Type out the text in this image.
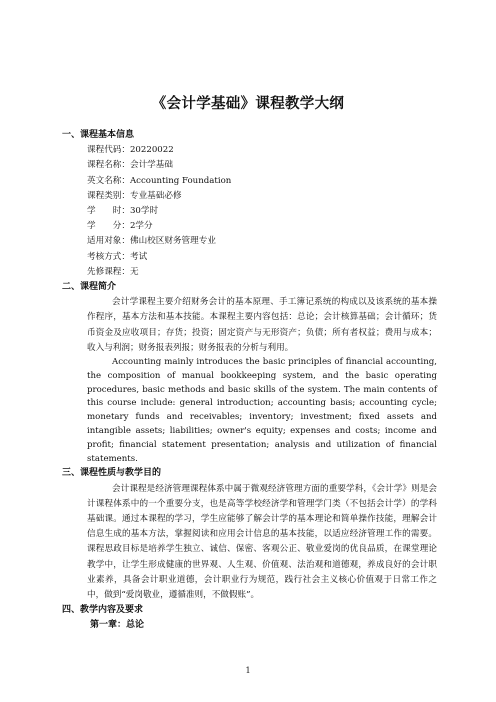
《会计学基础》课程教学大纲

一、课程基本信息

课程代码：20220022
课程名称：会计学基础
英文名称：Accounting Foundation
课程类别：专业基础必修
学　　时：30学时
学　　分：2学分
适用对象：佛山校区财务管理专业
考核方式：考试
先修课程：无

二、课程简介

会计学课程主要介绍财务会计的基本原理、手工簿记系统的构成以及该系统的基本操作程序，基本方法和基本技能。本课程主要内容包括：总论；会计核算基础；会计循环；货币资金及应收项目；存货；投资；固定资产与无形资产；负债；所有者权益；费用与成本；收入与利润；财务报表列报；财务报表的分析与利用。

Accounting mainly introduces the basic principles of financial accounting, the composition of manual bookkeeping system, and the basic operating procedures, basic methods and basic skills of the system. The main contents of this course include: general introduction; accounting basis; accounting cycle; monetary funds and receivables; inventory; investment; fixed assets and intangible assets; liabilities; owner's equity; expenses and costs; income and profit; financial statement presentation; analysis and utilization of financial statements.

三、课程性质与教学目的

会计课程是经济管理课程体系中属于微观经济管理方面的重要学科，《会计学》则是会计课程体系中的一个重要分支，也是高等学校经济学和管理学门类（不包括会计学）的学科基础课。通过本课程的学习，学生应能够了解会计学的基本理论和简单操作技能，理解会计信息生成的基本方法，掌握阅读和应用会计信息的基本技能，以适应经济管理工作的需要。课程思政目标是培养学生独立、诚信、保密、客观公正、敬业爱岗的优良品质，在课堂理论教学中，让学生形成健康的世界观、人生观、价值观、法治观和道德观，养成良好的会计职业素养，具备会计职业道德，会计职业行为规范，践行社会主义核心价值观于日常工作之中，做到“爱岗敬业，遵循准则，不做假账”。

四、教学内容及要求

第一章：总论

1
